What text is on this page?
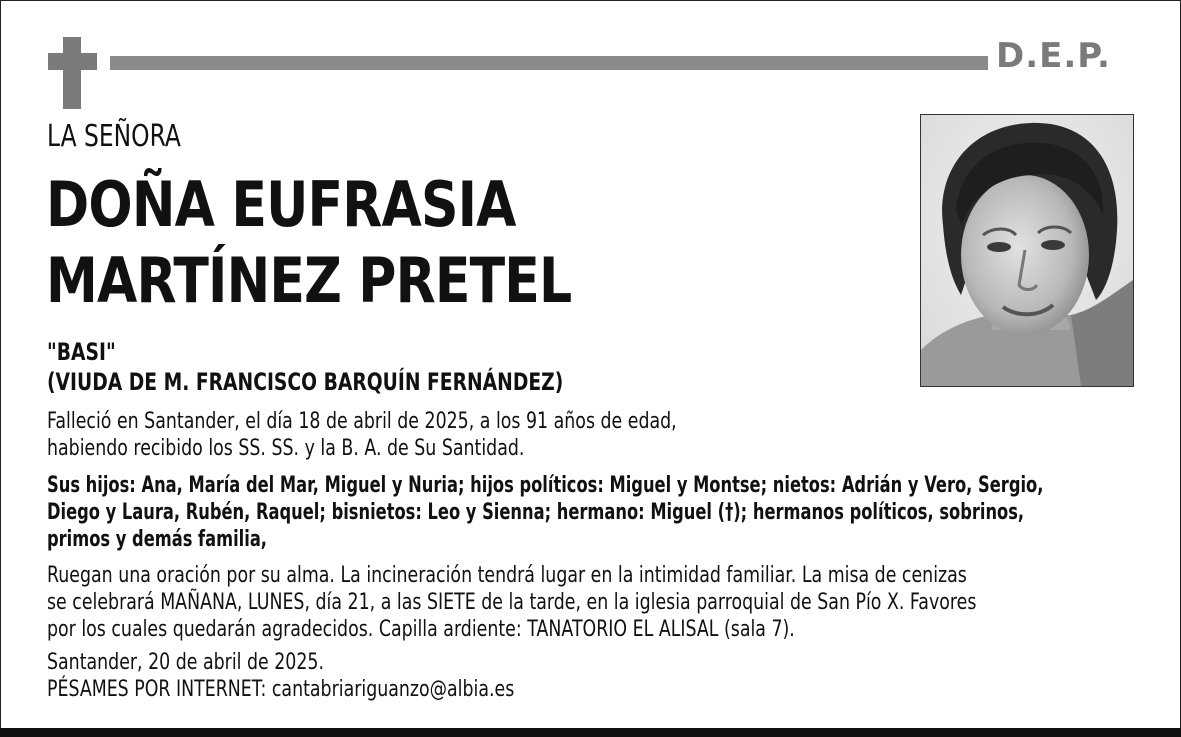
D.E.P.
LA SEÑORA
DOÑA EUFRASIA
MARTÍNEZ PRETEL
"BASI"
(VIUDA DE M. FRANCISCO BARQUÍN FERNÁNDEZ)
Falleció en Santander, el día 18 de abril de 2025, a los 91 años de edad,
habiendo recibido los SS. SS. y la B. A. de Su Santidad.
Sus hijos: Ana, María del Mar, Miguel y Nuria; hijos políticos: Miguel y Montse; nietos: Adrián y Vero, Sergio,
Diego y Laura, Rubén, Raquel; bisnietos: Leo y Sienna; hermano: Miguel (†); hermanos políticos, sobrinos,
primos y demás familia,
Ruegan una oración por su alma. La incineración tendrá lugar en la intimidad familiar. La misa de cenizas
se celebrará MAÑANA, LUNES, día 21, a las SIETE de la tarde, en la iglesia parroquial de San Pío X. Favores
por los cuales quedarán agradecidos. Capilla ardiente: TANATORIO EL ALISAL (sala 7).
Santander, 20 de abril de 2025.
PÉSAMES POR INTERNET: cantabriariguanzo@albia.es
